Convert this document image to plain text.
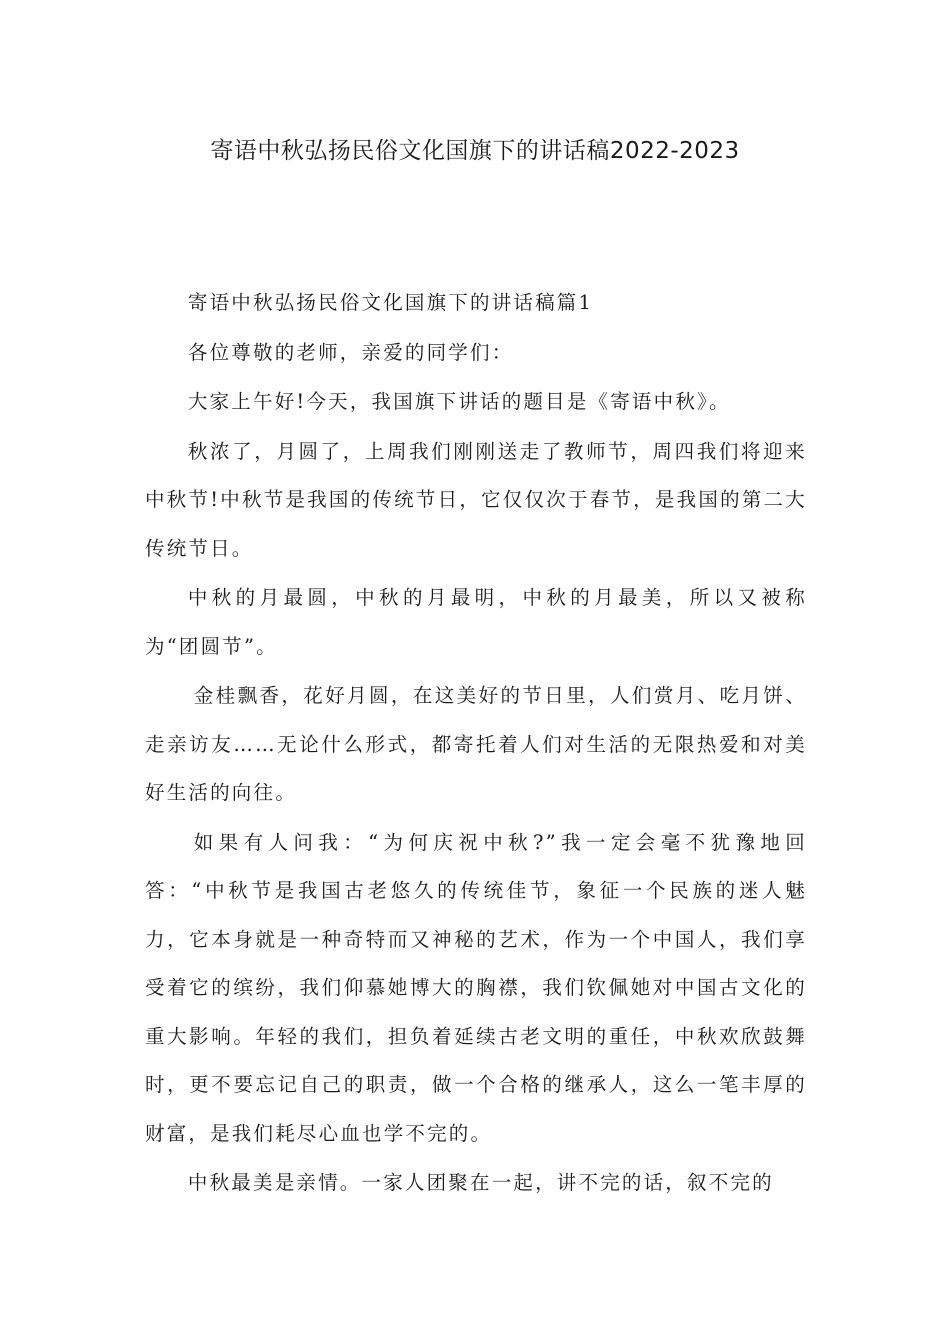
寄语中秋弘扬民俗文化国旗下的讲话稿2022-2023

寄语中秋弘扬民俗文化国旗下的讲话稿篇1

各位尊敬的老师，亲爱的同学们：

大家上午好!今天，我国旗下讲话的题目是《寄语中秋》。

秋浓了，月圆了，上周我们刚刚送走了教师节，周四我们将迎来中秋节!中秋节是我国的传统节日，它仅仅次于春节，是我国的第二大传统节日。

中秋的月最圆，中秋的月最明，中秋的月最美，所以又被称为“团圆节”。

金桂飘香，花好月圆，在这美好的节日里，人们赏月、吃月饼、走亲访友……无论什么形式，都寄托着人们对生活的无限热爱和对美好生活的向往。

如果有人问我：“为何庆祝中秋?”我一定会毫不犹豫地回答：“中秋节是我国古老悠久的传统佳节，象征一个民族的迷人魅力，它本身就是一种奇特而又神秘的艺术，作为一个中国人，我们享受着它的缤纷，我们仰慕她博大的胸襟，我们钦佩她对中国古文化的重大影响。年轻的我们，担负着延续古老文明的重任，中秋欢欣鼓舞时，更不要忘记自己的职责，做一个合格的继承人，这么一笔丰厚的财富，是我们耗尽心血也学不完的。

中秋最美是亲情。一家人团聚在一起，讲不完的话，叙不完的
